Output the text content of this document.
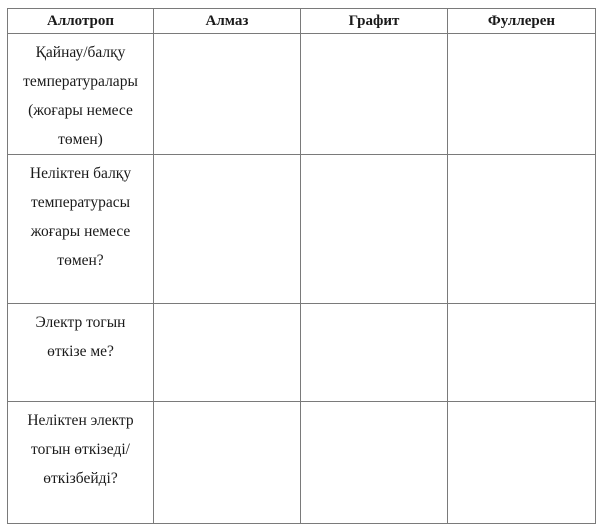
Аллотроп	Алмаз	Графит	Фуллерен
Қайнау/балқу температуралары (жоғары немесе төмен)			
Неліктен балқу температурасы жоғары немесе төмен?			
Электр тогын өткізе ме?			
Неліктен электр тогын өткізеді/өткізбейді?			
